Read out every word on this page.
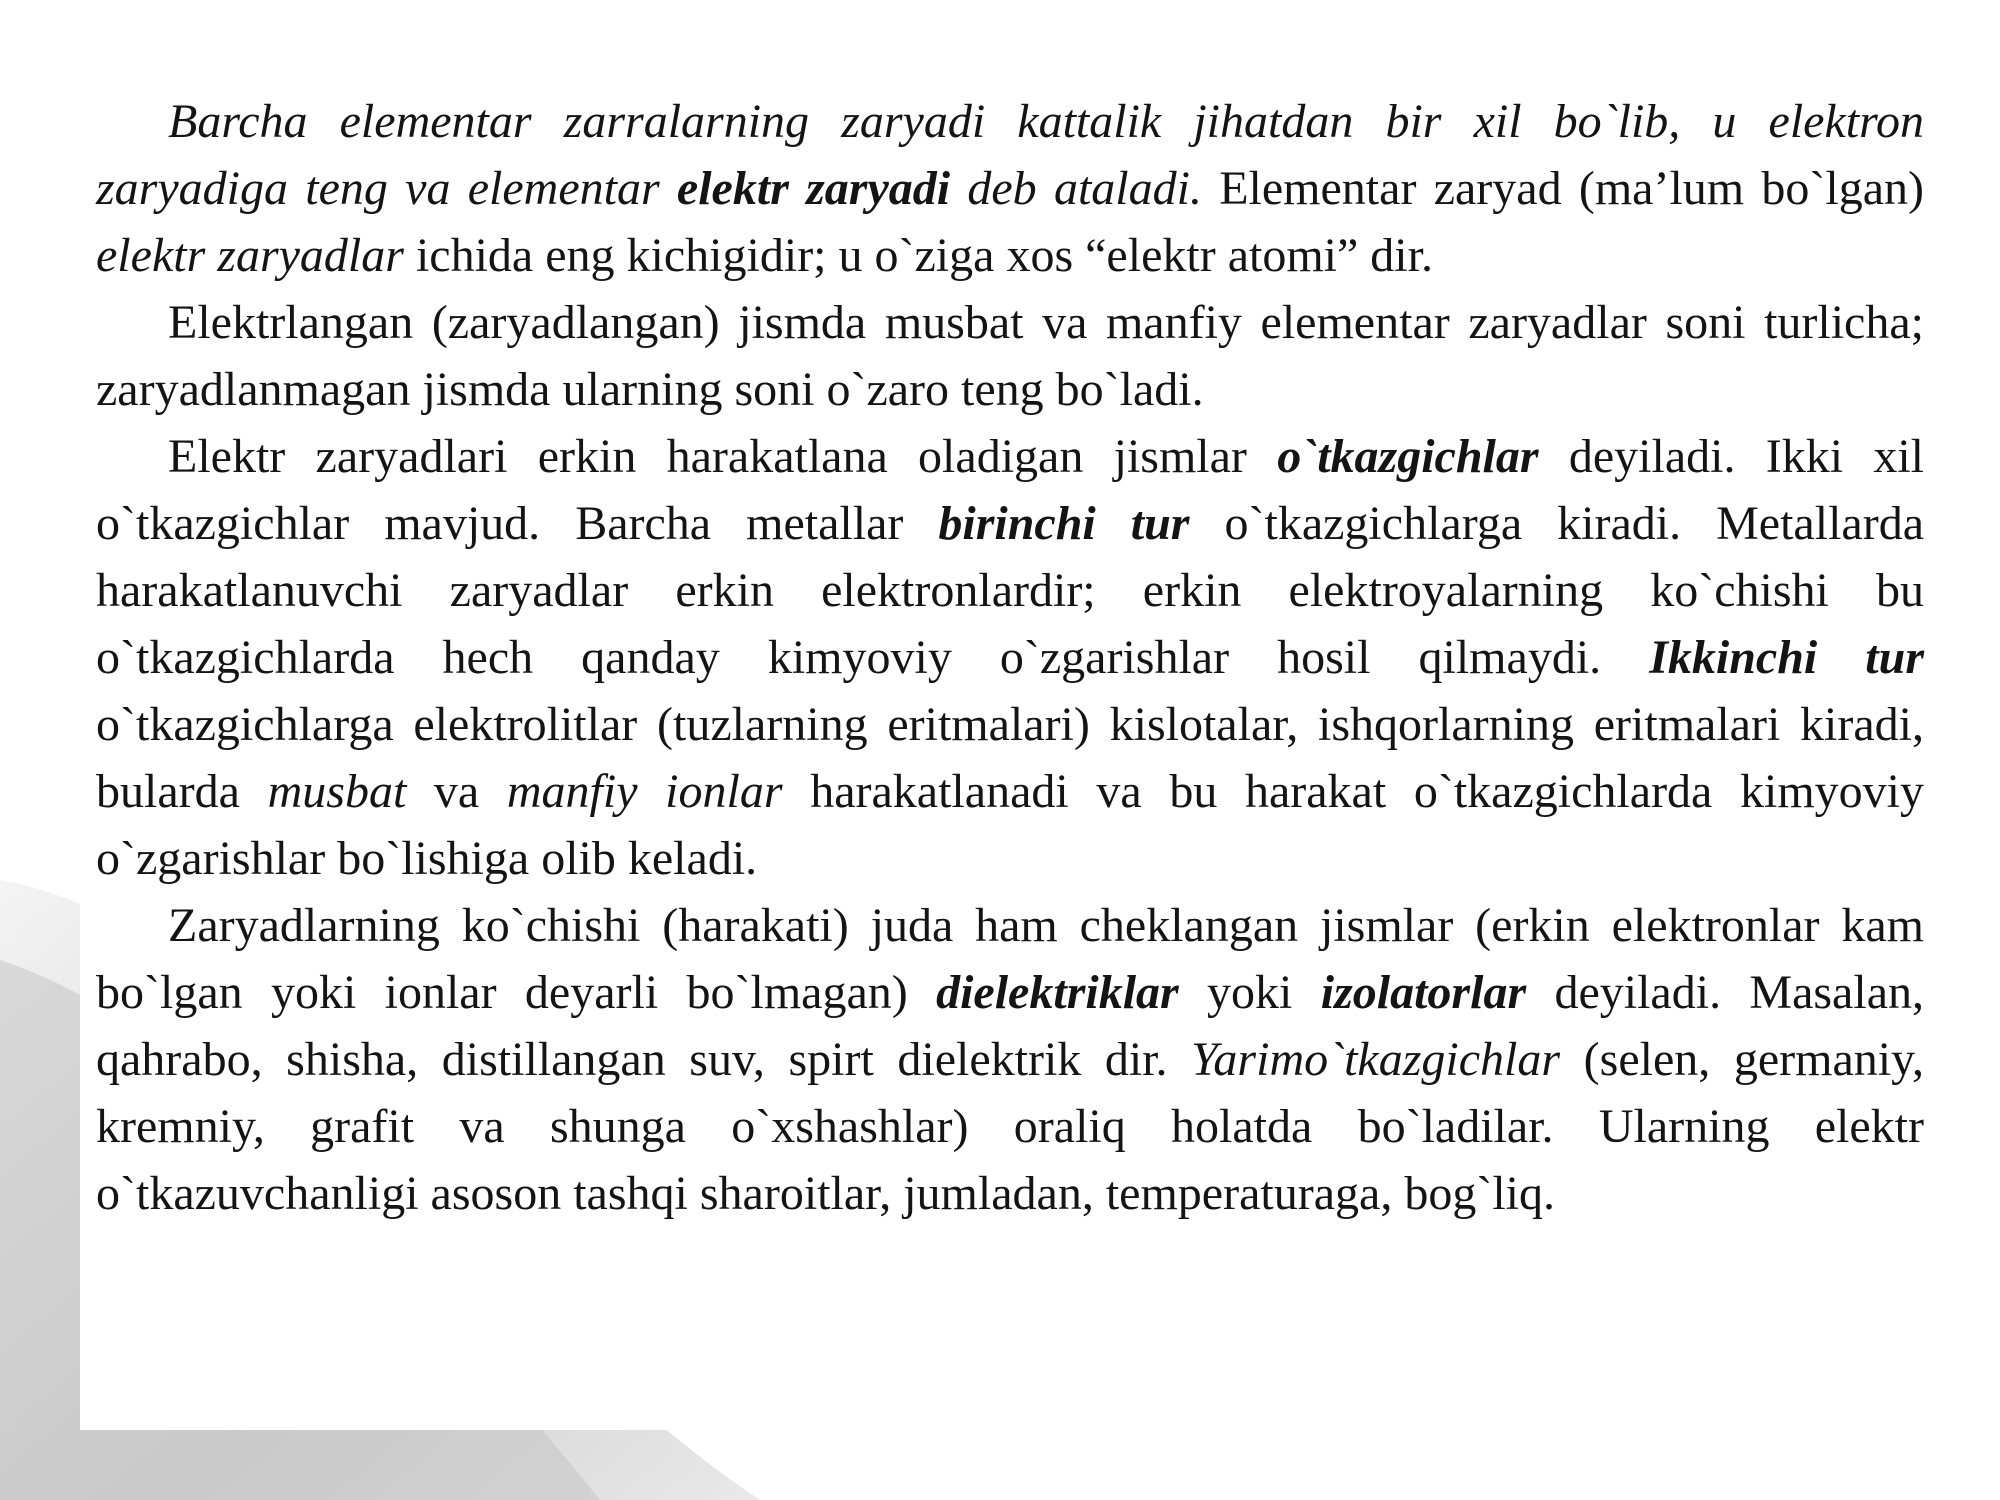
Barcha elementar zarralarning zaryadi kattalik jihatdan bir xil bo`lib, u elektron zaryadiga teng va elementar elektr zaryadi deb ataladi. Elementar zaryad (ma’lum bo`lgan) elektr zaryadlar ichida eng kichigidir; u o`ziga xos “elektr atomi” dir.

Elektrlangan (zaryadlangan) jismda musbat va manfiy elementar zaryadlar soni turlicha; zaryadlanmagan jismda ularning soni o`zaro teng bo`ladi.

Elektr zaryadlari erkin harakatlana oladigan jismlar o`tkazgichlar deyiladi. Ikki xil o`tkazgichlar mavjud. Barcha metallar birinchi tur o`tkazgichlarga kiradi. Metallarda harakatlanuvchi zaryadlar erkin elektronlardir; erkin elektroyalarning ko`chishi bu o`tkazgichlarda hech qanday kimyoviy o`zgarishlar hosil qilmaydi. Ikkinchi tur o`tkazgichlarga elektrolitlar (tuzlarning eritmalari) kislotalar, ishqorlarning eritmalari kiradi, bularda musbat va manfiy ionlar harakatlanadi va bu harakat o`tkazgichlarda kimyoviy o`zgarishlar bo`lishiga olib keladi.

Zaryadlarning ko`chishi (harakati) juda ham cheklangan jismlar (erkin elektronlar kam bo`lgan yoki ionlar deyarli bo`lmagan) dielektriklar yoki izolatorlar deyiladi. Masalan, qahrabo, shisha, distillangan suv, spirt dielektrik dir. Yarimo`tkazgichlar (selen, germaniy, kremniy, grafit va shunga o`xshashlar) oraliq holatda bo`ladilar. Ularning elektr o`tkazuvchanligi asoson tashqi sharoitlar, jumladan, temperaturaga, bog`liq.
